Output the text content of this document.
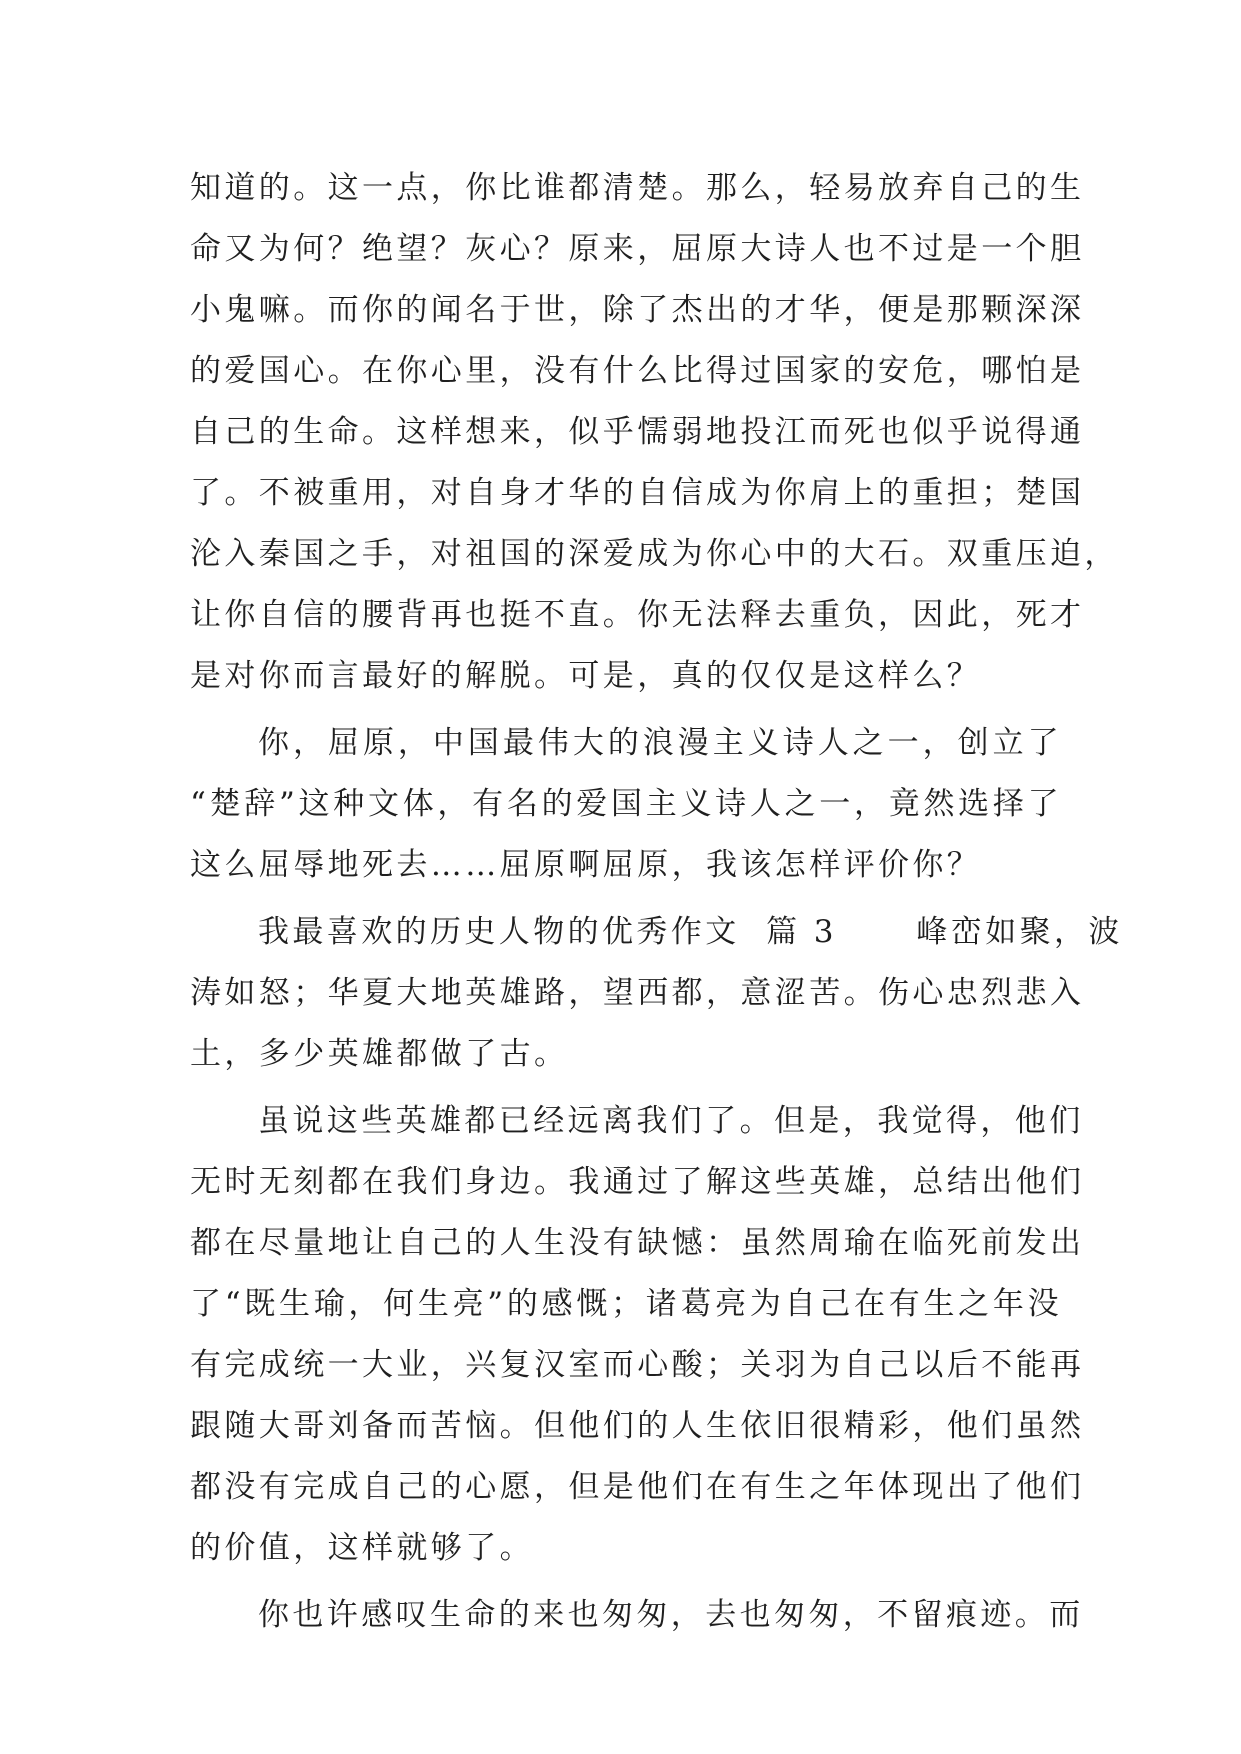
知道的。这一点，你比谁都清楚。那么，轻易放弃自己的生
命又为何？绝望？灰心？原来，屈原大诗人也不过是一个胆
小鬼嘛。而你的闻名于世，除了杰出的才华，便是那颗深深
的爱国心。在你心里，没有什么比得过国家的安危，哪怕是
自己的生命。这样想来，似乎懦弱地投江而死也似乎说得通
了。不被重用，对自身才华的自信成为你肩上的重担；楚国
沦入秦国之手，对祖国的深爱成为你心中的大石。双重压迫，
让你自信的腰背再也挺不直。你无法释去重负，因此，死才
是对你而言最好的解脱。可是，真的仅仅是这样么？
你，屈原，中国最伟大的浪漫主义诗人之一，创立了
“楚辞”这种文体，有名的爱国主义诗人之一，竟然选择了
这么屈辱地死去……屈原啊屈原，我该怎样评价你？
我最喜欢的历史人物的优秀作文  篇 3      峰峦如聚，波
涛如怒；华夏大地英雄路，望西都，意涩苦。伤心忠烈悲入
土，多少英雄都做了古。
虽说这些英雄都已经远离我们了。但是，我觉得，他们
无时无刻都在我们身边。我通过了解这些英雄，总结出他们
都在尽量地让自己的人生没有缺憾：虽然周瑜在临死前发出
了“既生瑜，何生亮”的感慨；诸葛亮为自己在有生之年没
有完成统一大业，兴复汉室而心酸；关羽为自己以后不能再
跟随大哥刘备而苦恼。但他们的人生依旧很精彩，他们虽然
都没有完成自己的心愿，但是他们在有生之年体现出了他们
的价值，这样就够了。
你也许感叹生命的来也匆匆，去也匆匆，不留痕迹。而
